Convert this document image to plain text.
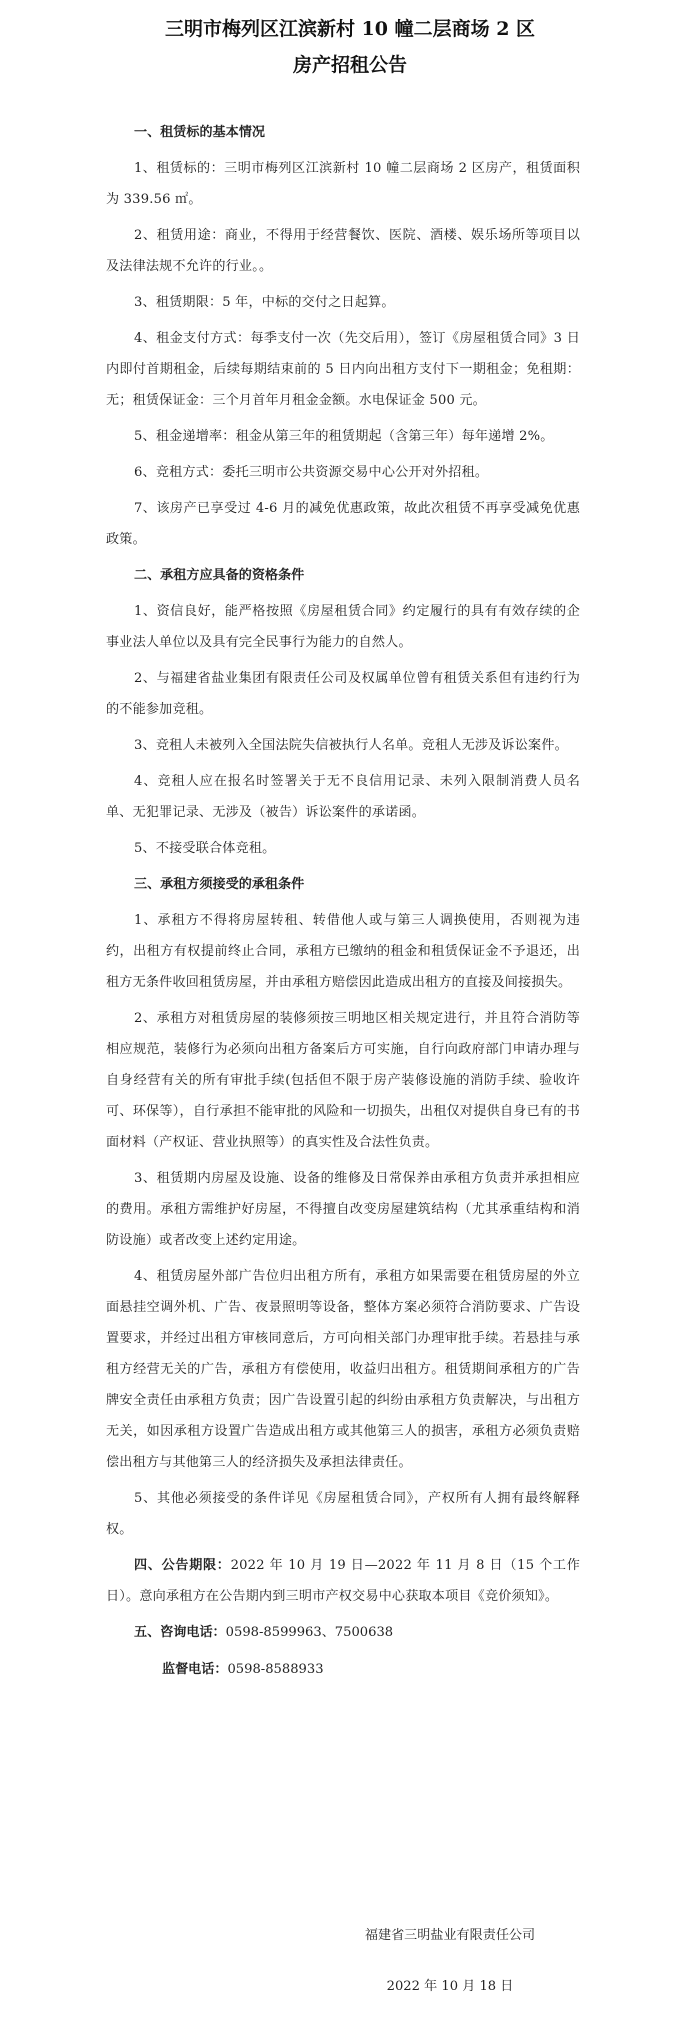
三明市梅列区江滨新村 10 幢二层商场 2 区
房产招租公告
一、租赁标的基本情况
1、租赁标的：三明市梅列区江滨新村 10 幢二层商场 2 区房产，租赁面积为 339.56 ㎡。
2、租赁用途：商业，不得用于经营餐饮、医院、酒楼、娱乐场所等项目以及法律法规不允许的行业。。
3、租赁期限：5 年，中标的交付之日起算。
4、租金支付方式：每季支付一次（先交后用），签订《房屋租赁合同》3 日内即付首期租金，后续每期结束前的 5 日内向出租方支付下一期租金；免租期：无；租赁保证金：三个月首年月租金金额。水电保证金 500 元。
5、租金递增率：租金从第三年的租赁期起（含第三年）每年递增 2%。
6、竞租方式：委托三明市公共资源交易中心公开对外招租。
7、该房产已享受过 4-6 月的减免优惠政策，故此次租赁不再享受减免优惠政策。
二、承租方应具备的资格条件
1、资信良好，能严格按照《房屋租赁合同》约定履行的具有有效存续的企事业法人单位以及具有完全民事行为能力的自然人。
2、与福建省盐业集团有限责任公司及权属单位曾有租赁关系但有违约行为的不能参加竞租。
3、竞租人未被列入全国法院失信被执行人名单。竞租人无涉及诉讼案件。
4、竞租人应在报名时签署关于无不良信用记录、未列入限制消费人员名单、无犯罪记录、无涉及（被告）诉讼案件的承诺函。
5、不接受联合体竞租。
三、承租方须接受的承租条件
1、承租方不得将房屋转租、转借他人或与第三人调换使用，否则视为违约，出租方有权提前终止合同，承租方已缴纳的租金和租赁保证金不予退还，出租方无条件收回租赁房屋，并由承租方赔偿因此造成出租方的直接及间接损失。
2、承租方对租赁房屋的装修须按三明地区相关规定进行，并且符合消防等相应规范，装修行为必须向出租方备案后方可实施，自行向政府部门申请办理与自身经营有关的所有审批手续(包括但不限于房产装修设施的消防手续、验收许可、环保等），自行承担不能审批的风险和一切损失，出租仅对提供自身已有的书面材料（产权证、营业执照等）的真实性及合法性负责。
3、租赁期内房屋及设施、设备的维修及日常保养由承租方负责并承担相应的费用。承租方需维护好房屋，不得擅自改变房屋建筑结构（尤其承重结构和消防设施）或者改变上述约定用途。
4、租赁房屋外部广告位归出租方所有，承租方如果需要在租赁房屋的外立面悬挂空调外机、广告、夜景照明等设备，整体方案必须符合消防要求、广告设置要求，并经过出租方审核同意后，方可向相关部门办理审批手续。若悬挂与承租方经营无关的广告，承租方有偿使用，收益归出租方。租赁期间承租方的广告牌安全责任由承租方负责；因广告设置引起的纠纷由承租方负责解决，与出租方无关，如因承租方设置广告造成出租方或其他第三人的损害，承租方必须负责赔偿出租方与其他第三人的经济损失及承担法律责任。
5、其他必须接受的条件详见《房屋租赁合同》，产权所有人拥有最终解释权。
四、公告期限：2022 年 10 月 19 日—2022 年 11 月 8 日（15 个工作日）。意向承租方在公告期内到三明市产权交易中心获取本项目《竞价须知》。
五、咨询电话：0598-8599963、7500638
监督电话：0598-8588933
福建省三明盐业有限责任公司
2022 年 10 月 18 日
